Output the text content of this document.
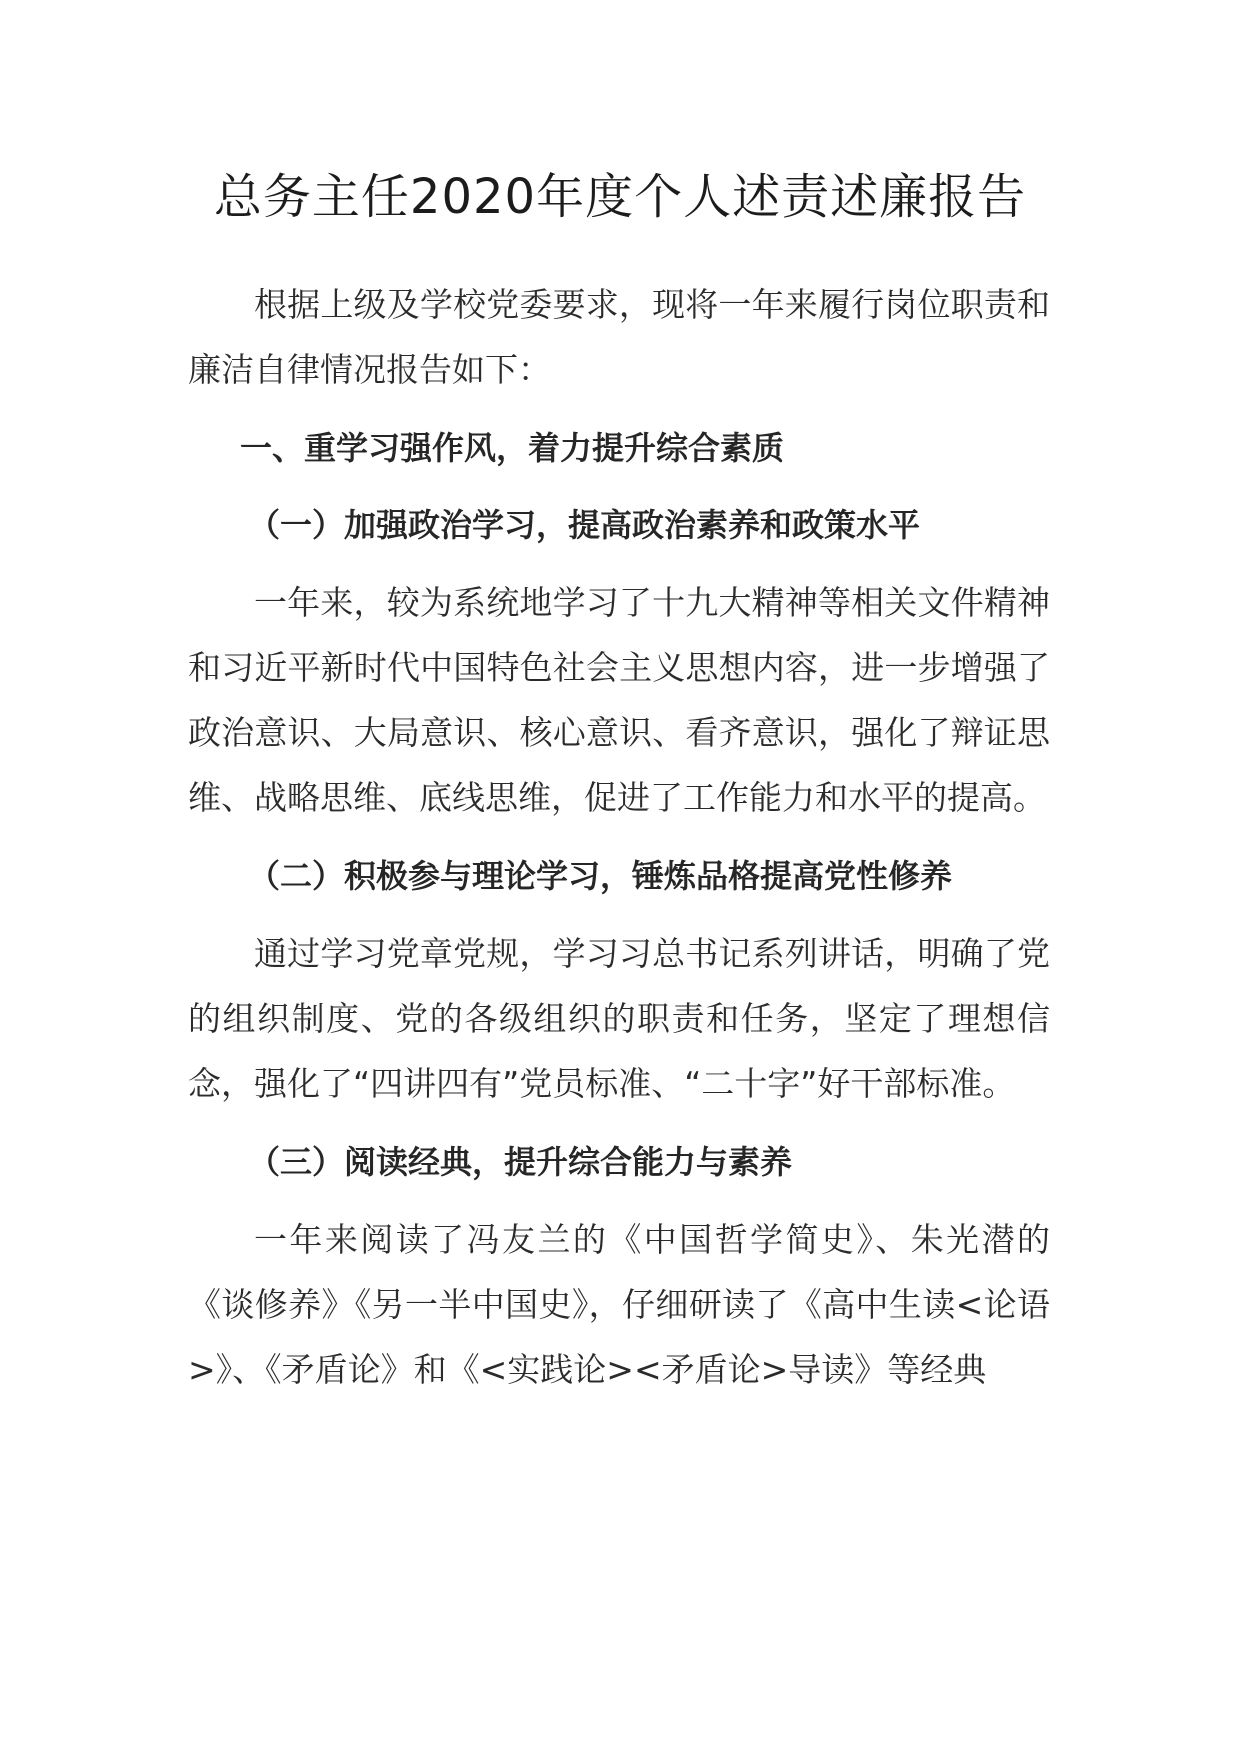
总务主任2020年度个人述责述廉报告

根据上级及学校党委要求，现将一年来履行岗位职责和廉洁自律情况报告如下：

一、重学习强作风，着力提升综合素质

（一）加强政治学习，提高政治素养和政策水平

一年来，较为系统地学习了十九大精神等相关文件精神和习近平新时代中国特色社会主义思想内容，进一步增强了政治意识、大局意识、核心意识、看齐意识，强化了辩证思维、战略思维、底线思维，促进了工作能力和水平的提高。

（二）积极参与理论学习，锤炼品格提高党性修养

通过学习党章党规，学习习总书记系列讲话，明确了党的组织制度、党的各级组织的职责和任务，坚定了理想信念，强化了“四讲四有”党员标准、“二十字”好干部标准。

（三）阅读经典，提升综合能力与素养

一年来阅读了冯友兰的《中国哲学简史》、朱光潜的《谈修养》《另一半中国史》，仔细研读了《高中生读<论语>》、《矛盾论》和《<实践论><矛盾论>导读》等经典
